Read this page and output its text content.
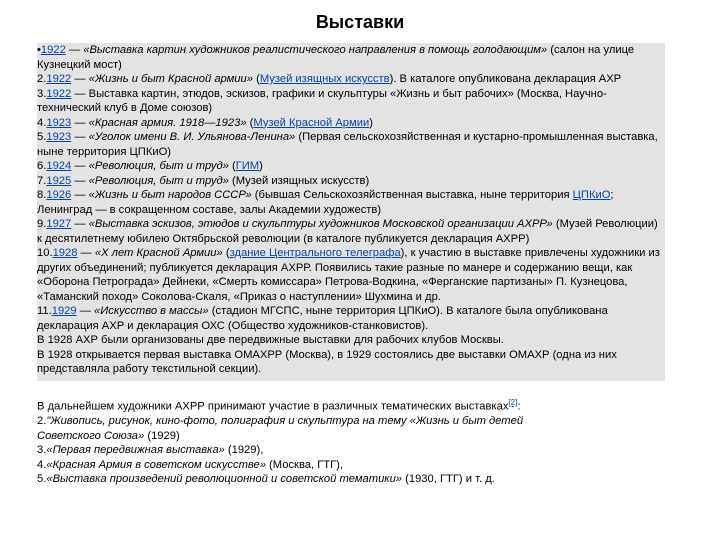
Выставки
•1922 — «Выставка картин художников реалистического направления в помощь голодающим» (салон на улице Кузнецкий мост)
2.1922 — «Жизнь и быт Красной армии» (Музей изящных искусств). В каталоге опубликована декларация АХР
3.1922 — Выставка картин, этюдов, эскизов, графики и скульптуры «Жизнь и быт рабочих» (Москва, Научно-технический клуб в Доме союзов)
4.1923 — «Красная армия. 1918—1923» (Музей Красной Армии)
5.1923 — «Уголок имени В. И. Ульянова-Ленина» (Первая сельскохозяйственная и кустарно-промышленная выставка, ныне территория ЦПКиО)
6.1924 — «Революция, быт и труд» (ГИМ)
7.1925 — «Революция, быт и труд» (Музей изящных искусств)
8.1926 — «Жизнь и быт народов СССР» (бывшая Сельскохозяйственная выставка, ныне территория ЦПКиО; Ленинград — в сокращенном составе, залы Академии художеств)
9.1927 — «Выставка эскизов, этюдов и скульптуры художников Московской организации АХРР» (Музей Революции) к десятилетнему юбилею Октябрьской революции (в каталоге публикуется декларация АХРР)
10.1928 — «X лет Красной Армии» (здание Центрального телеграфа), к участию в выставке привлечены художники из других объединений; публикуется декларация АХРР. Появились такие разные по манере и содержанию вещи, как «Оборона Петрограда» Дейнеки, «Смерть комиссара» Петрова-Водкина, «Ферганские партизаны» П. Кузнецова, «Таманский поход» Соколова-Скаля, «Приказ о наступлении» Шухмина и др.
11.1929 — «Искусство в массы» (стадион МГСПС, ныне территория ЦПКиО). В каталоге была опубликована декларация АХР и декларация ОХС (Общество художников-станковистов).
В 1928 АХР были организованы две передвижные выставки для рабочих клубов Москвы.
В 1928 открывается первая выставка ОМАХРР (Москва), в 1929 состоялись две выставки ОМАХР (одна из них представляла работу текстильной секции).
В дальнейшем художники АХРР принимают участие в различных тематических выставках[2]:
2."Живопись, рисунок, кино-фото, полиграфия и скульптура на тему «Жизнь и быт детей Советского Союза» (1929)
3.«Первая передвижная выставка» (1929),
4.«Красная Армия в советском искусстве» (Москва, ГТГ),
5.«Выставка произведений революционной и советской тематики» (1930, ГТГ) и т. д.
